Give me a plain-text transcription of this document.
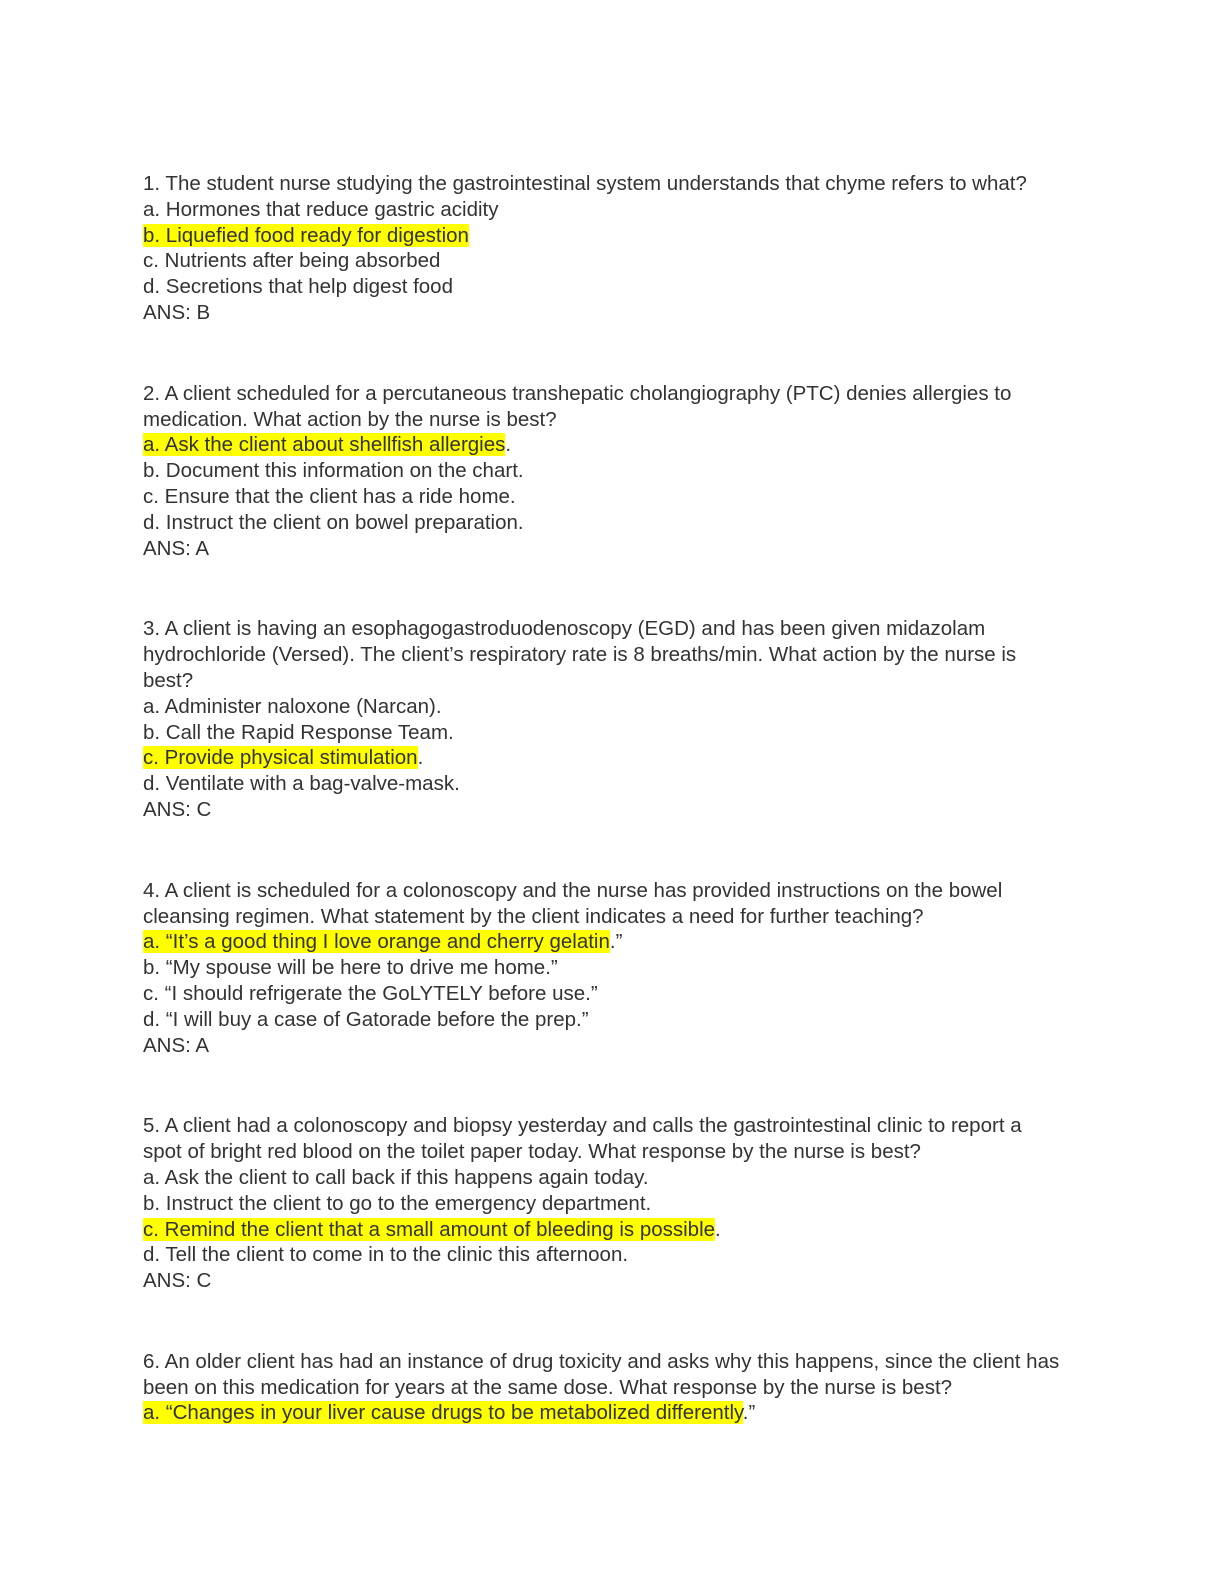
1. The student nurse studying the gastrointestinal system understands that chyme refers to what?

a. Hormones that reduce gastric acidity

b. Liquefied food ready for digestion

c. Nutrients after being absorbed

d. Secretions that help digest food

ANS: B

2. A client scheduled for a percutaneous transhepatic cholangiography (PTC) denies allergies to medication. What action by the nurse is best?

a. Ask the client about shellfish allergies.

b. Document this information on the chart.

c. Ensure that the client has a ride home.

d. Instruct the client on bowel preparation.

ANS: A

3. A client is having an esophagogastroduodenoscopy (EGD) and has been given midazolam hydrochloride (Versed). The client’s respiratory rate is 8 breaths/min. What action by the nurse is best?

a. Administer naloxone (Narcan).

b. Call the Rapid Response Team.

c. Provide physical stimulation.

d. Ventilate with a bag-valve-mask.

ANS: C

4. A client is scheduled for a colonoscopy and the nurse has provided instructions on the bowel cleansing regimen. What statement by the client indicates a need for further teaching?

a. “It’s a good thing I love orange and cherry gelatin.”

b. “My spouse will be here to drive me home.”

c. “I should refrigerate the GoLYTELY before use.”

d. “I will buy a case of Gatorade before the prep.”

ANS: A

5. A client had a colonoscopy and biopsy yesterday and calls the gastrointestinal clinic to report a spot of bright red blood on the toilet paper today. What response by the nurse is best?

a. Ask the client to call back if this happens again today.

b. Instruct the client to go to the emergency department.

c. Remind the client that a small amount of bleeding is possible.

d. Tell the client to come in to the clinic this afternoon.

ANS: C

6. An older client has had an instance of drug toxicity and asks why this happens, since the client has been on this medication for years at the same dose. What response by the nurse is best?

a. “Changes in your liver cause drugs to be metabolized differently.”
